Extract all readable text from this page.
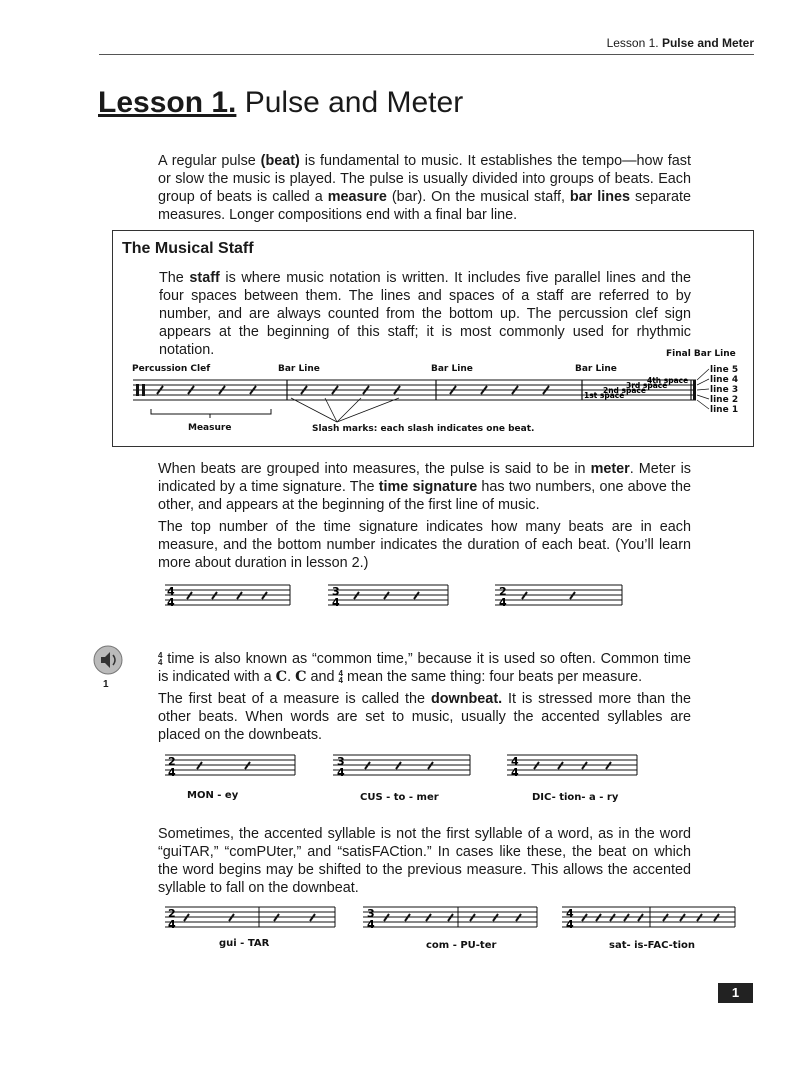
Lesson 1. Pulse and Meter
Lesson 1. Pulse and Meter

A regular pulse (beat) is fundamental to music. It establishes the tempo—how fast or slow the music is played. The pulse is usually divided into groups of beats. Each group of beats is called a measure (bar). On the musical staff, bar lines separate measures. Longer compositions end with a final bar line.

The Musical Staff

The staff is where music notation is written. It includes five parallel lines and the four spaces between them. The lines and spaces of a staff are referred to by number, and are always counted from the bottom up. The percussion clef sign appears at the beginning of this staff; it is most commonly used for rhythmic notation.

Percussion Clef	Bar Line	Bar Line	Bar Line
Final Bar Line
4th space
3rd space
2nd space
1st space
line 5
line 4
line 3
line 2
line 1
Measure	Slash marks: each slash indicates one beat.

When beats are grouped into measures, the pulse is said to be in meter. Meter is indicated by a time signature. The time signature has two numbers, one above the other, and appears at the beginning of the first line of music.

The top number of the time signature indicates how many beats are in each measure, and the bottom number indicates the duration of each beat. (You’ll learn more about duration in lesson 2.)

4
4
3
4
2
4
1

4
4 time is also known as “common time,” because it is used so often. Common time is indicated with a C. C and 4
4 mean the same thing: four beats per measure.

The first beat of a measure is called the downbeat. It is stressed more than the other beats. When words are set to music, usually the accented syllables are placed on the downbeats.

2
4
MON - ey
3
4
CUS - to - mer
4
4
DIC- tion- a - ry

Sometimes, the accented syllable is not the first syllable of a word, as in the word “guiTAR,” “comPUter,” and “satisFACtion.” In cases like these, the beat on which the word begins may be shifted to the previous measure. This allows the accented syllable to fall on the downbeat.

2
4
gui - TAR
3
4
com - PU-ter
4
4
sat- is-FAC-tion
1
